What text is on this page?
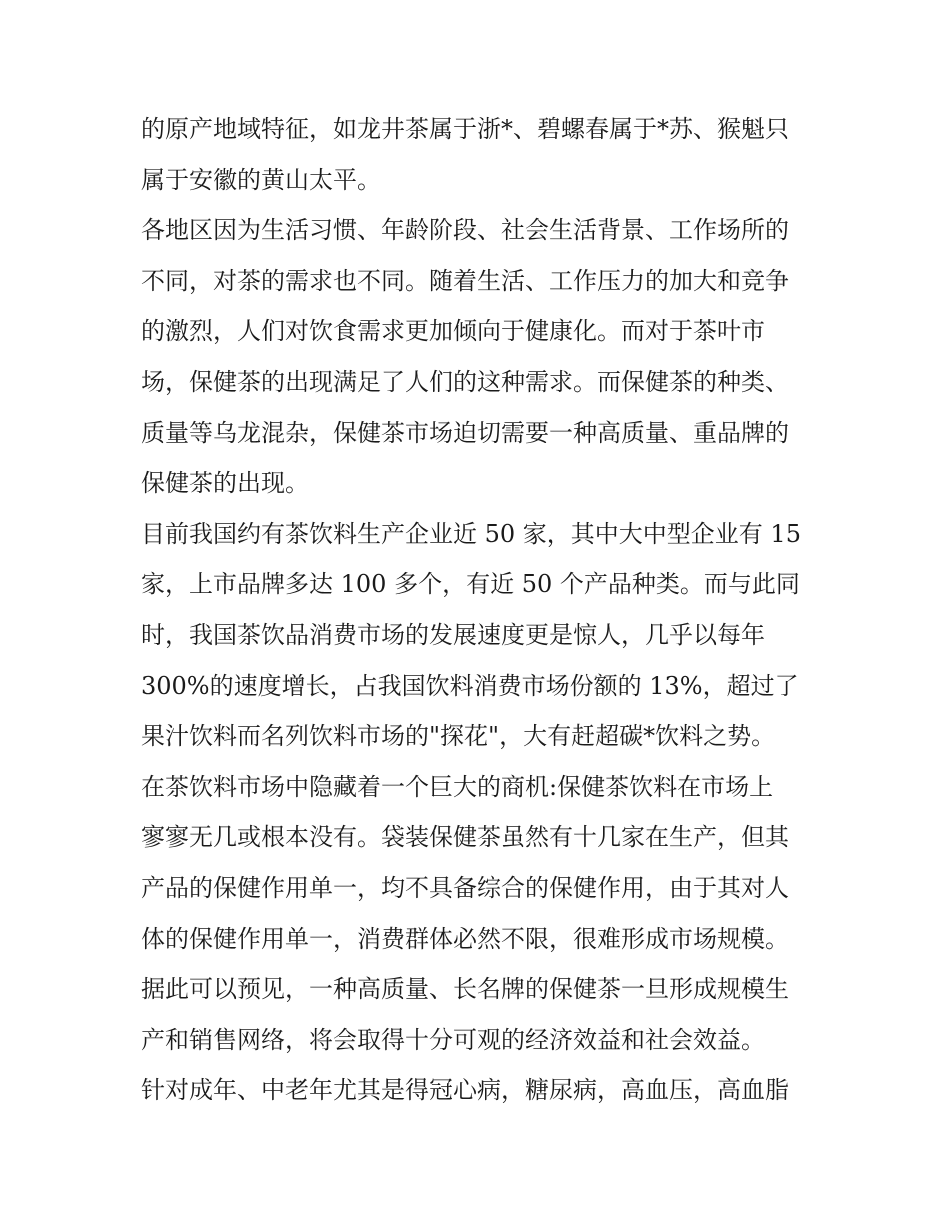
的原产地域特征，如龙井茶属于浙*、碧螺春属于*苏、猴魁只
属于安徽的黄山太平。
各地区因为生活习惯、年龄阶段、社会生活背景、工作场所的
不同，对茶的需求也不同。随着生活、工作压力的加大和竞争
的激烈，人们对饮食需求更加倾向于健康化。而对于茶叶市
场，保健茶的出现满足了人们的这种需求。而保健茶的种类、
质量等乌龙混杂，保健茶市场迫切需要一种高质量、重品牌的
保健茶的出现。
目前我国约有茶饮料生产企业近 50 家，其中大中型企业有 15
家，上市品牌多达 100 多个，有近 50 个产品种类。而与此同
时，我国茶饮品消费市场的发展速度更是惊人，几乎以每年
300%的速度增长，占我国饮料消费市场份额的 13%，超过了
果汁饮料而名列饮料市场的"探花"，大有赶超碳*饮料之势。
在茶饮料市场中隐藏着一个巨大的商机:保健茶饮料在市场上
寥寥无几或根本没有。袋装保健茶虽然有十几家在生产，但其
产品的保健作用单一，均不具备综合的保健作用，由于其对人
体的保健作用单一，消费群体必然不限，很难形成市场规模。
据此可以预见，一种高质量、长名牌的保健茶一旦形成规模生
产和销售网络，将会取得十分可观的经济效益和社会效益。
针对成年、中老年尤其是得冠心病，糖尿病，高血压，高血脂
